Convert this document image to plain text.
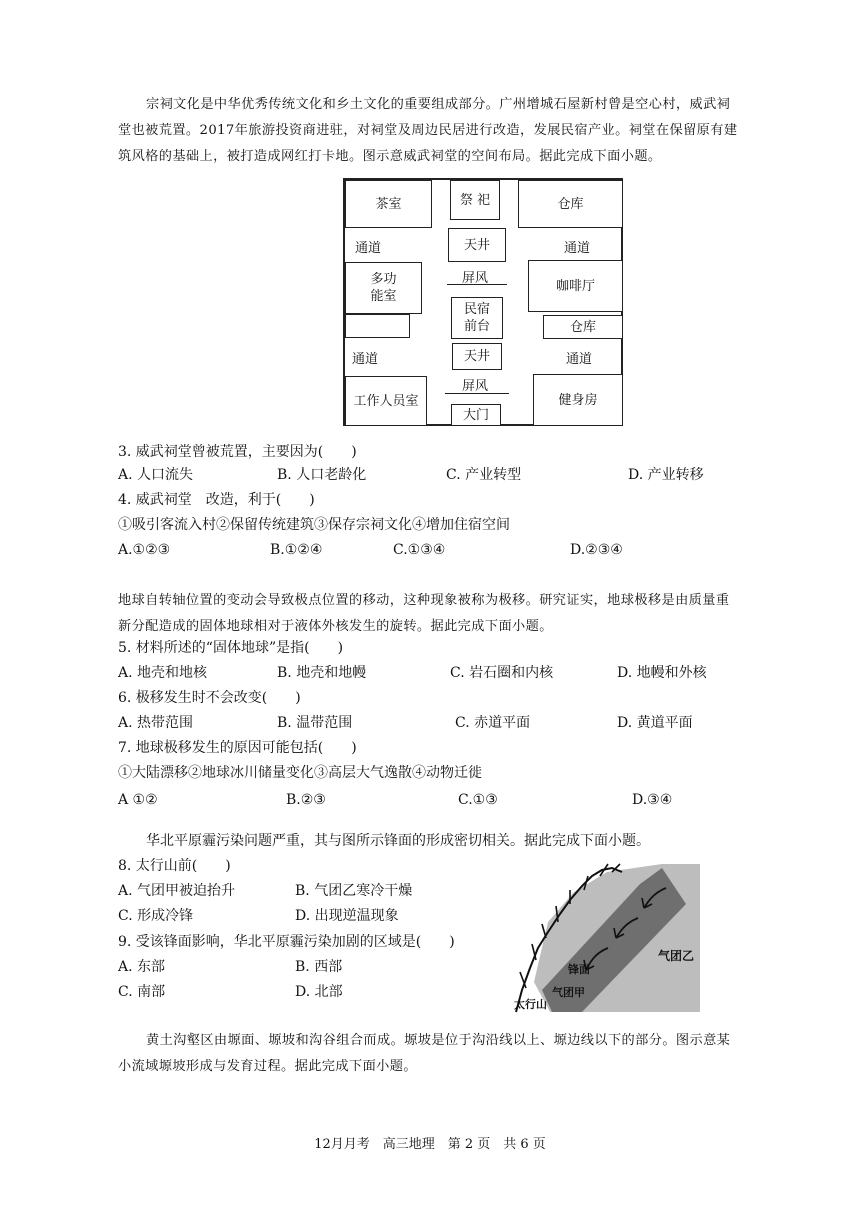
宗祠文化是中华优秀传统文化和乡土文化的重要组成部分。广州增城石屋新村曾是空心村，威武祠堂也被荒置。2017年旅游投资商进驻，对祠堂及周边民居进行改造，发展民宿产业。祠堂在保留原有建筑风格的基础上，被打造成网红打卡地。图示意威武祠堂的空间布局。据此完成下面小题。
茶室	祭 祀	仓库
通道	天井	通道
多功
能室
屏风	咖啡厅
民宿
前台	仓库
通道	天井	通道
屏风
工作人员室
大门
健身房
3. 威武祠堂曾被荒置，主要因为(　　)
A. 人口流失	B. 人口老龄化	C. 产业转型	D. 产业转移
4. 威武祠堂　改造，利于(　　)
①吸引客流入村②保留传统建筑③保存宗祠文化④增加住宿空间
A.①②③	B.①②④	C.①③④	D.②③④
地球自转轴位置的变动会导致极点位置的移动，这种现象被称为极移。研究证实，地球极移是由质量重新分配造成的固体地球相对于液体外核发生的旋转。据此完成下面小题。
5. 材料所述的“固体地球”是指(　　)
A. 地壳和地核	B. 地壳和地幔	C. 岩石圈和内核	D. 地幔和外核
6. 极移发生时不会改变(　　)
A. 热带范围	B. 温带范围	C. 赤道平面	D. 黄道平面
7. 地球极移发生的原因可能包括(　　)
①大陆漂移②地球冰川储量变化③高层大气逸散④动物迁徙
A ①②	B.②③	C.①③	D.③④
华北平原霾污染问题严重，其与图所示锋面的形成密切相关。据此完成下面小题。
8. 太行山前(　　)
A. 气团甲被迫抬升	B. 气团乙寒冷干燥
C. 形成冷锋	D. 出现逆温现象
9. 受该锋面影响，华北平原霾污染加剧的区域是(　　)
A. 东部	B. 西部
C. 南部	D. 北部
气团乙
锋面
太行山
气团甲
黄土沟壑区由塬面、塬坡和沟谷组合而成。塬坡是位于沟沿线以上、塬边线以下的部分。图示意某小流域塬坡形成与发育过程。据此完成下面小题。
12月月考　高三地理　第 2 页　共 6 页
